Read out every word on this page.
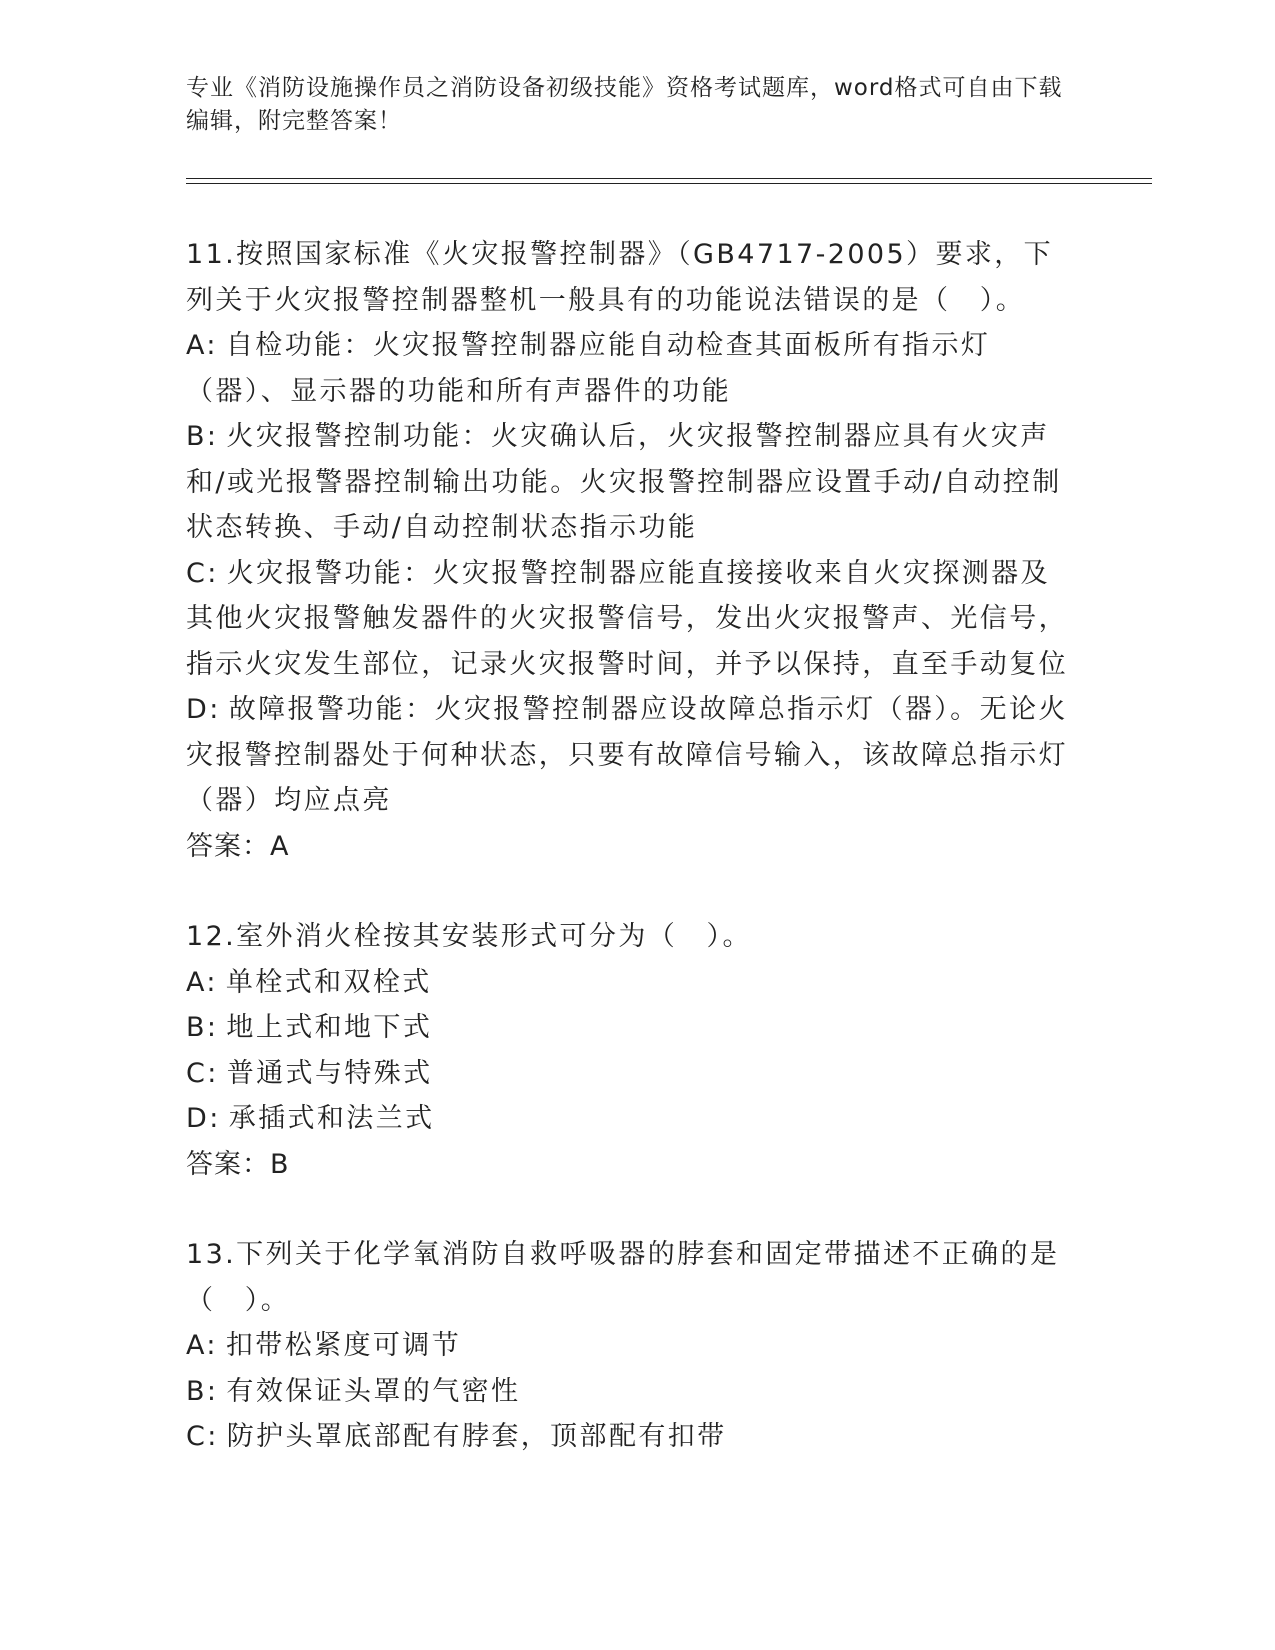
专业《消防设施操作员之消防设备初级技能》资格考试题库，word格式可自由下载编辑，附完整答案！

11.按照国家标准《火灾报警控制器》（GB4717-2005）要求，下列关于火灾报警控制器整机一般具有的功能说法错误的是（　）。

A: 自检功能：火灾报警控制器应能自动检查其面板所有指示灯（器）、显示器的功能和所有声器件的功能

B: 火灾报警控制功能：火灾确认后，火灾报警控制器应具有火灾声和/或光报警器控制输出功能。火灾报警控制器应设置手动/自动控制状态转换、手动/自动控制状态指示功能

C: 火灾报警功能：火灾报警控制器应能直接接收来自火灾探测器及其他火灾报警触发器件的火灾报警信号，发出火灾报警声、光信号，指示火灾发生部位，记录火灾报警时间，并予以保持，直至手动复位

D: 故障报警功能：火灾报警控制器应设故障总指示灯（器）。无论火灾报警控制器处于何种状态，只要有故障信号输入，该故障总指示灯（器）均应点亮

答案：A

12.室外消火栓按其安装形式可分为（　）。

A: 单栓式和双栓式

B: 地上式和地下式

C: 普通式与特殊式

D: 承插式和法兰式

答案：B

13.下列关于化学氧消防自救呼吸器的脖套和固定带描述不正确的是（　）。

A: 扣带松紧度可调节

B: 有效保证头罩的气密性

C: 防护头罩底部配有脖套，顶部配有扣带
